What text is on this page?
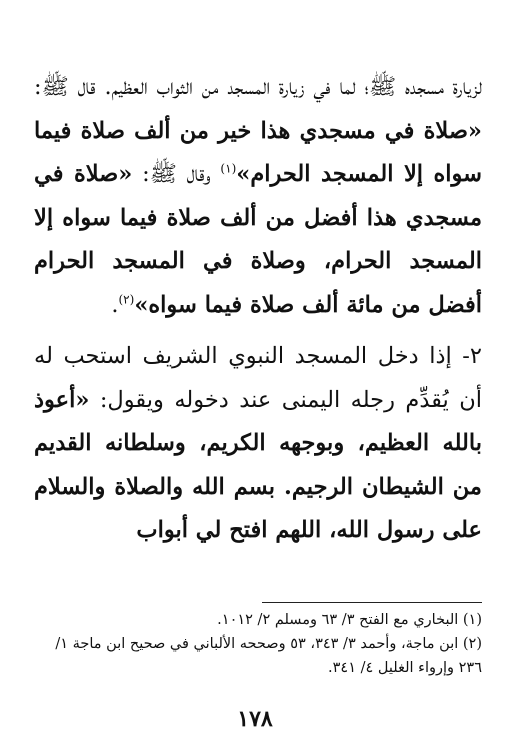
لزيارة مسجده ﷺ؛ لما في زيارة المسجد من الثواب العظيم. قال ﷺ: «صلاة في مسجدي هذا خير من ألف صلاة فيما سواه إلا المسجد الحرام»$^{(١)}$ وقال ﷺ: «صلاة في مسجدي هذا أفضل من ألف صلاة فيما سواه إلا المسجد الحرام، وصلاة في المسجد الحرام أفضل من مائة ألف صلاة فيما سواه»$^{(٢)}$.

٢- إذا دخل المسجد النبوي الشريف استحب له أن يُقدِّم رجله اليمنى عند دخوله ويقول: «أعوذ بالله العظيم، وبوجهه الكريم، وسلطانه القديم من الشيطان الرجيم. بسم الله والصلاة والسلام على رسول الله، اللهم افتح لي أبواب

(١) البخاري مع الفتح ٣/ ٦٣ ومسلم ٢/ ١٠١٢.

(٢) ابن ماجة، وأحمد ٣/ ٣٤٣، ٥٣ وصححه الألباني في صحيح ابن ماجة ١/ ٢٣٦ وإرواء الغليل ٤/ ٣٤١.

١٧٨
